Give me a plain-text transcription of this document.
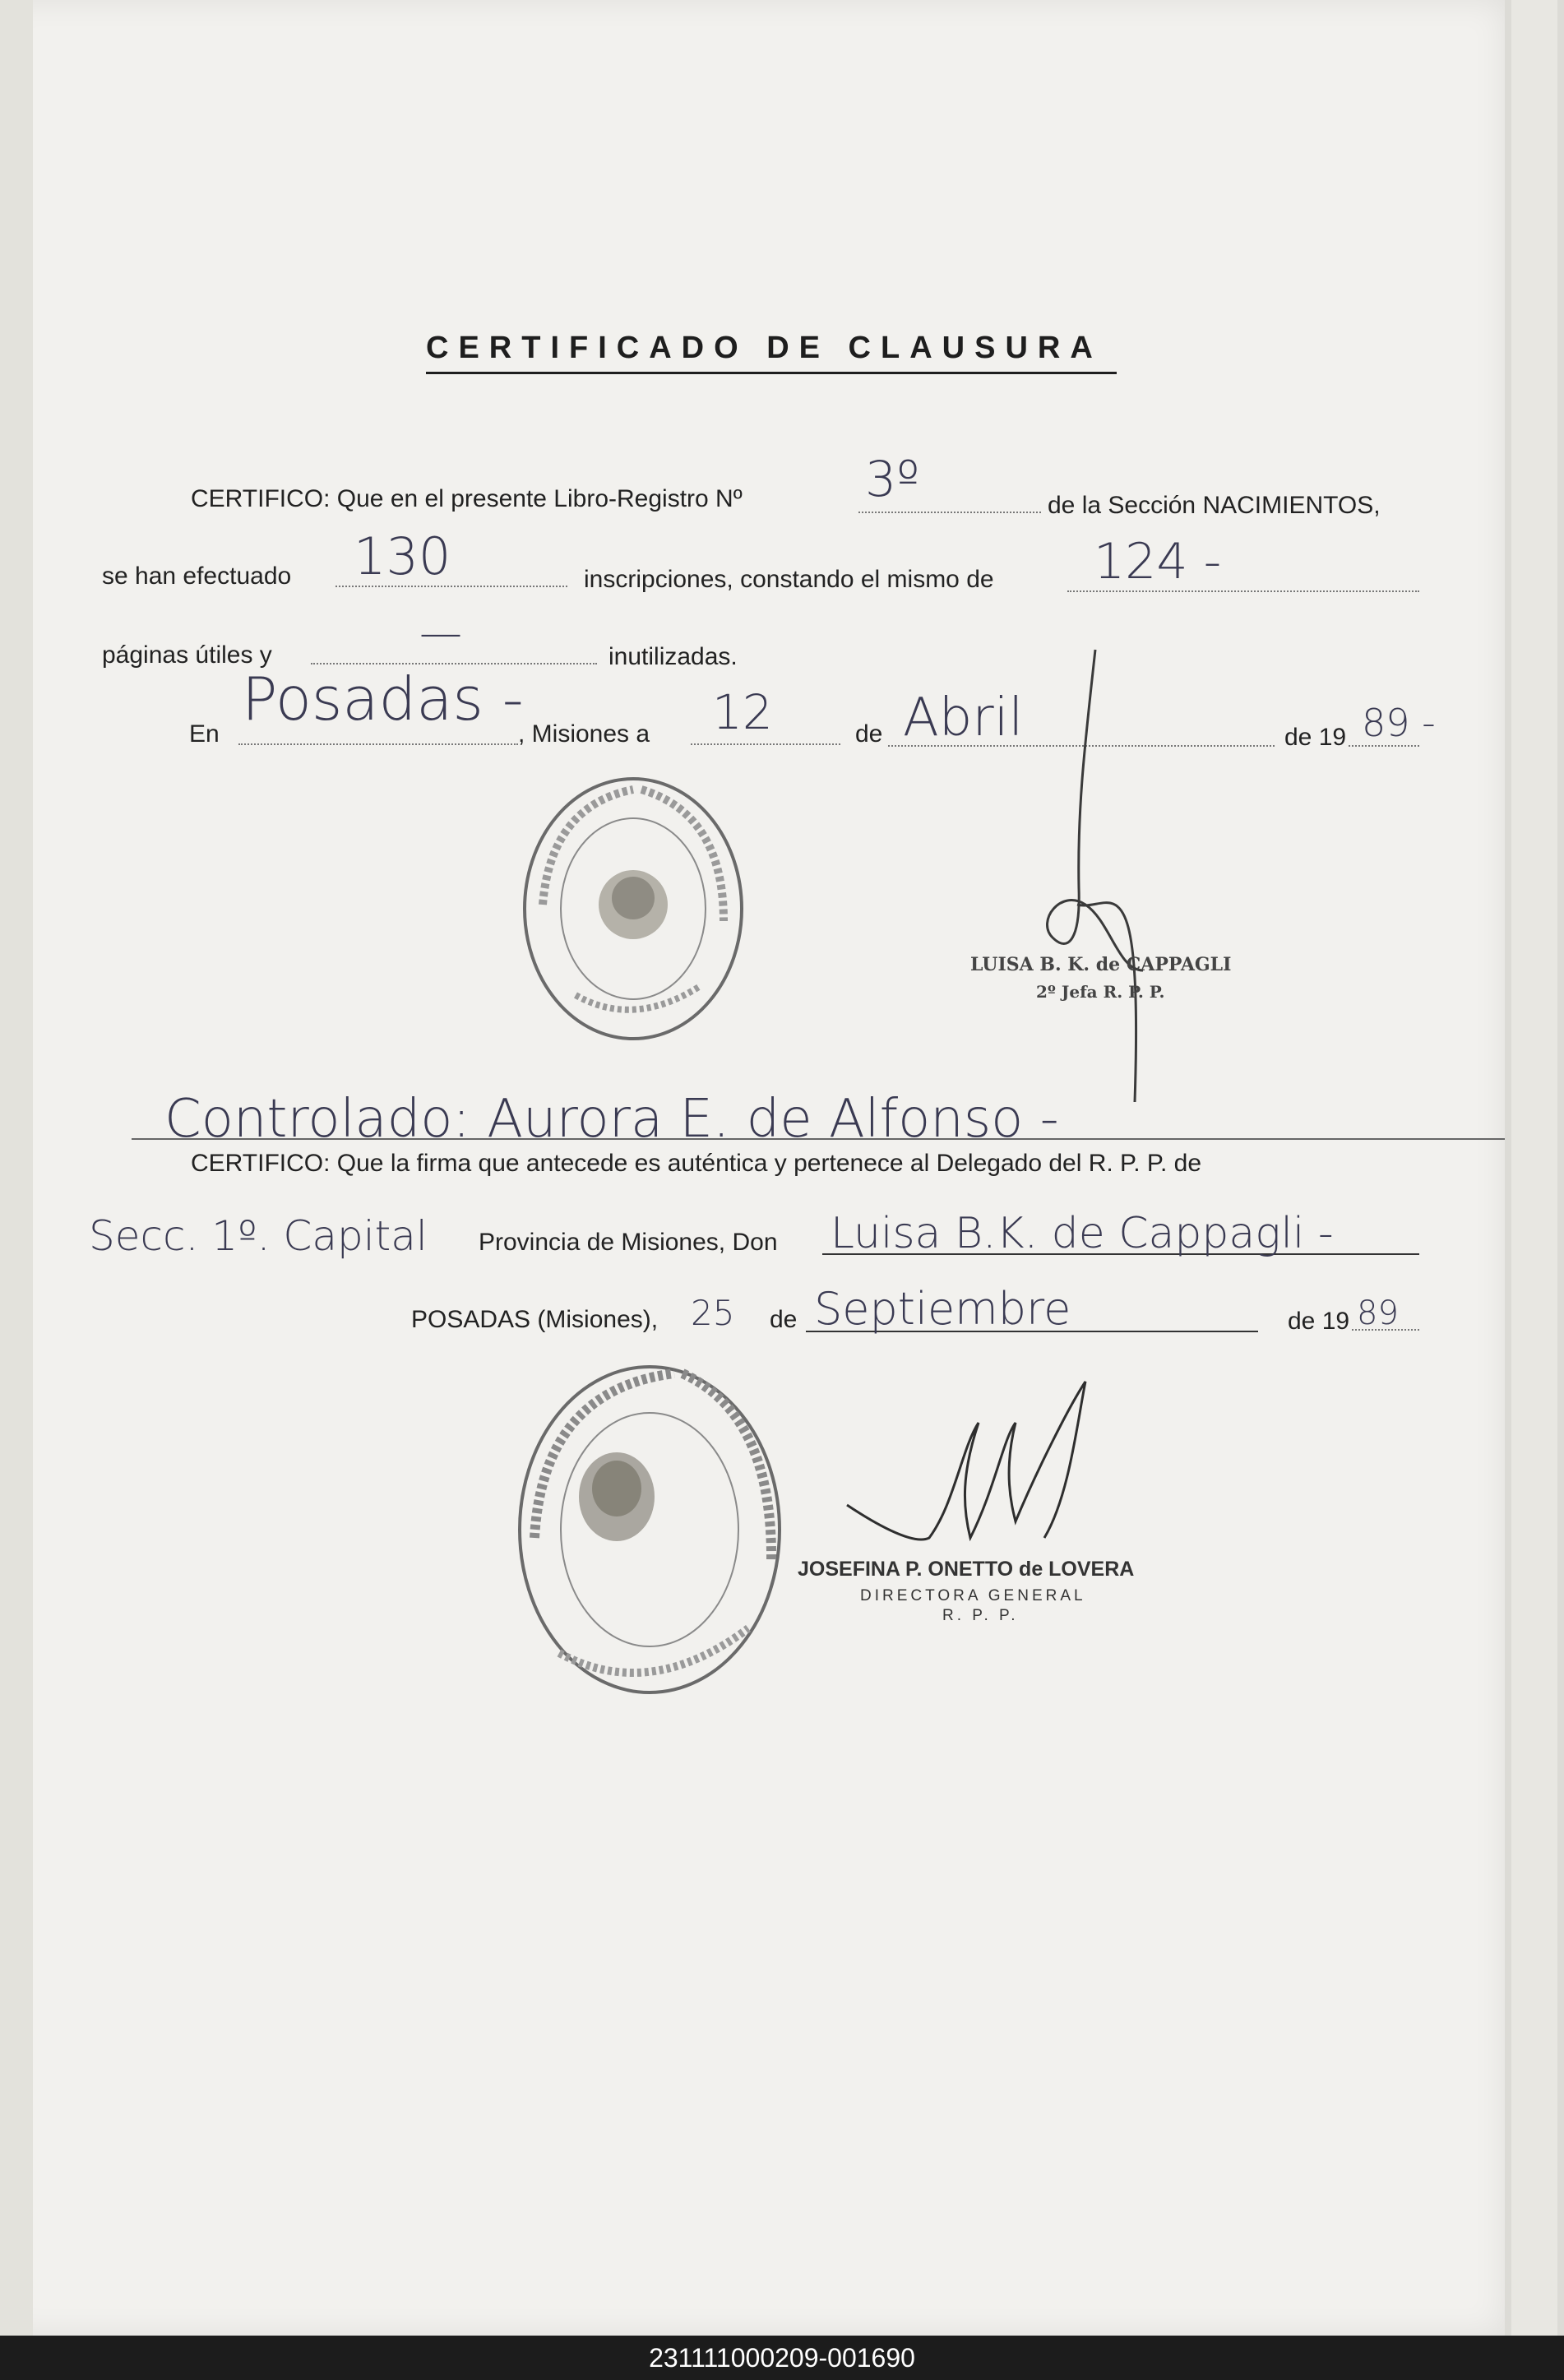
CERTIFICADO DE CLAUSURA
CERTIFICO: Que en el presente Libro-Registro Nº 3º	de la Sección NACIMIENTOS,
se han efectuado 130	inscripciones, constando el mismo de 124 -
páginas útiles y	—	inutilizadas.
En
Posadas -
, Misiones a 12	de Abril	de 19 89 -
LUISA B. K. de CAPPAGLI
2º Jefa R. P. P.
Controlado: Aurora E. de Alfonso -
CERTIFICO: Que la firma que antecede es auténtica y pertenece al Delegado del R. P. P. de
Secc. 1º. Capital Provincia de Misiones, Don Luisa B.K. de Cappagli -
POSADAS (Misiones), 25 de Septiembre	de 19 89
JOSEFINA P. ONETTO de LOVERA
DIRECTORA GENERAL
R. P. P.
231111000209-001690
